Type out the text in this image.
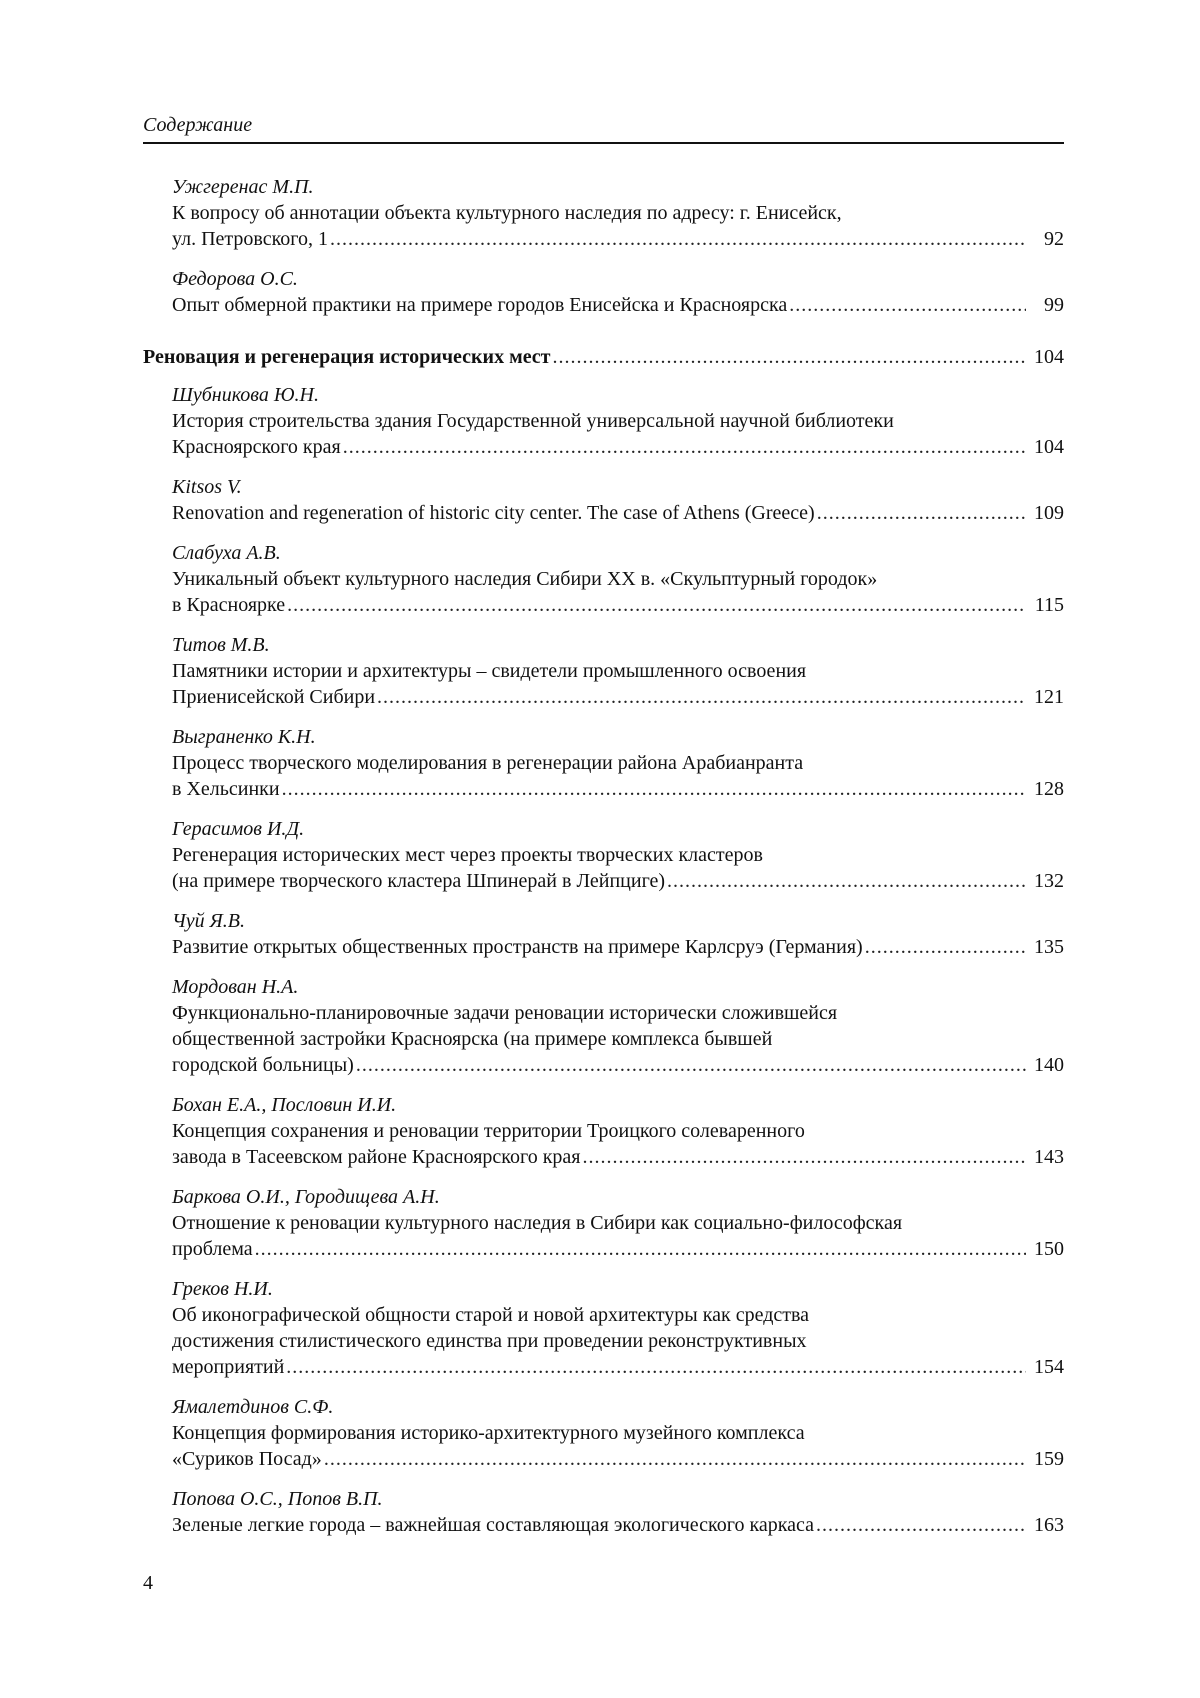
Содержание
Ужгеренас М.П.
К вопросу об аннотации объекта культурного наследия по адресу: г. Енисейск,
ул. Петровского, 1 .....	92
Федорова О.С.
Опыт обмерной практики на примере городов Енисейска и Красноярска .....	99
Реновация и регенерация исторических мест .....	104
Шубникова Ю.Н.
История строительства здания Государственной универсальной научной библиотеки
Красноярского края .....	104
Kitsos V.
Renovation and regeneration of historic city center. The case of Athens (Greece) .....	109
Слабуха А.В.
Уникальный объект культурного наследия Сибири XX в. «Скульптурный городок»
в Красноярке .....	115
Титов М.В.
Памятники истории и архитектуры – свидетели промышленного освоения
Приенисейской Сибири .....	121
Выграненко К.Н.
Процесс творческого моделирования в регенерации района Арабианранта
в Хельсинки .....	128
Герасимов И.Д.
Регенерация исторических мест через проекты творческих кластеров
(на примере творческого кластера Шпинерай в Лейпциге) .....	132
Чуй Я.В.
Развитие открытых общественных пространств на примере Карлсруэ (Германия) .....	135
Мордован Н.А.
Функционально-планировочные задачи реновации исторически сложившейся
общественной застройки Красноярска (на примере комплекса бывшей
городской больницы) .....	140
Бохан Е.А., Пословин И.И.
Концепция сохранения и реновации территории Троицкого солеваренного
завода в Тасеевском районе Красноярского края .....	143
Баркова О.И., Городищева А.Н.
Отношение к реновации культурного наследия в Сибири как социально-философская
проблема .....	150
Греков Н.И.
Об иконографической общности старой и новой архитектуры как средства
достижения стилистического единства при проведении реконструктивных
мероприятий .....	154
Ямалетдинов С.Ф.
Концепция формирования историко-архитектурного музейного комплекса
«Суриков Посад» .....	159
Попова О.С., Попов В.П.
Зеленые легкие города – важнейшая составляющая экологического каркаса .....	163
4
